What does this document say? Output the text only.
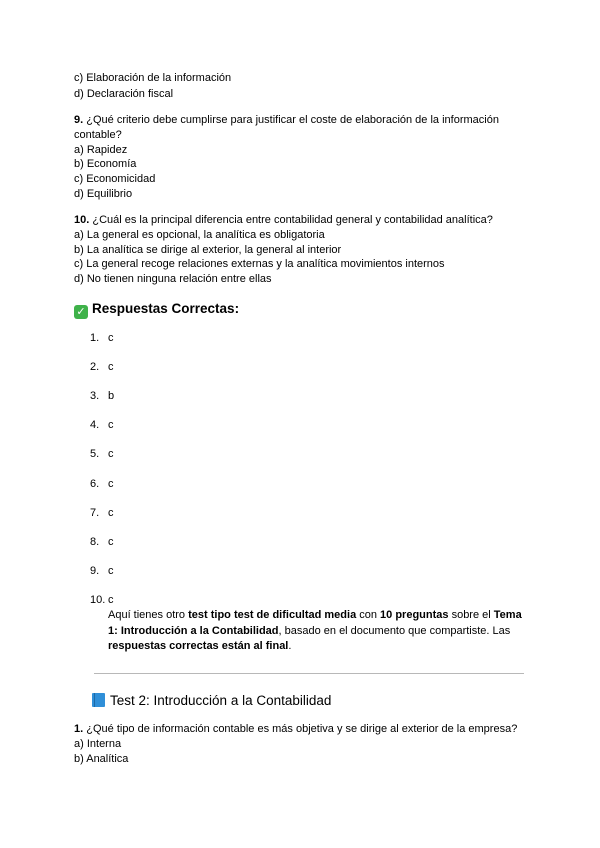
c) Elaboración de la información
d) Declaración fiscal
9. ¿Qué criterio debe cumplirse para justificar el coste de elaboración de la información contable?
a) Rapidez
b) Economía
c) Economicidad
d) Equilibrio
10. ¿Cuál es la principal diferencia entre contabilidad general y contabilidad analítica?
a) La general es opcional, la analítica es obligatoria
b) La analítica se dirige al exterior, la general al interior
c) La general recoge relaciones externas y la analítica movimientos internos
d) No tienen ninguna relación entre ellas
✓ Respuestas Correctas:
1. c
2. c
3. b
4. c
5. c
6. c
7. c
8. c
9. c
10. c
Aquí tienes otro test tipo test de dificultad media con 10 preguntas sobre el Tema 1: Introducción a la Contabilidad, basado en el documento que compartiste. Las respuestas correctas están al final.
Test 2: Introducción a la Contabilidad
1. ¿Qué tipo de información contable es más objetiva y se dirige al exterior de la empresa?
a) Interna
b) Analítica
